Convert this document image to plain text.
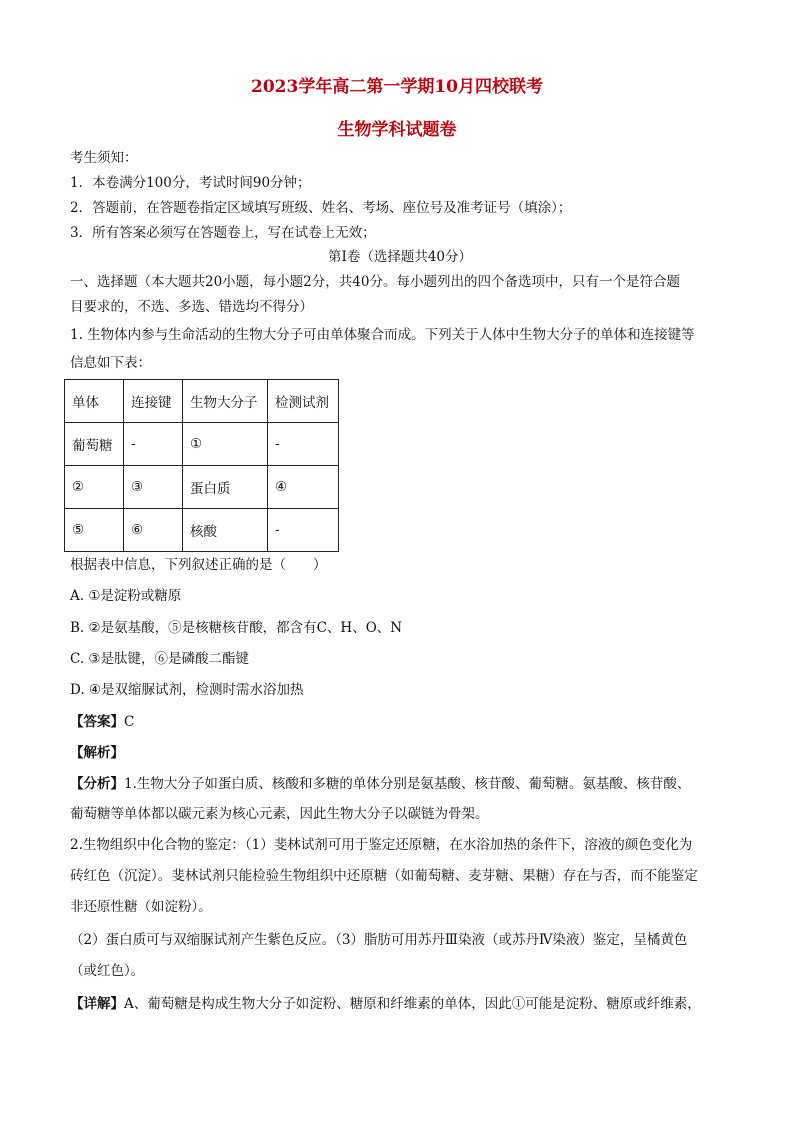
2023学年高二第一学期10月四校联考
生物学科试题卷
考生须知：
1．本卷满分100分，考试时间90分钟；
2．答题前，在答题卷指定区域填写班级、姓名、考场、座位号及准考证号（填涂）；
3．所有答案必须写在答题卷上，写在试卷上无效；
第Ⅰ卷（选择题共40分）
一、选择题（本大题共20小题，每小题2分，共40分。每小题列出的四个备选项中，只有一个是符合题
目要求的，不选、多选、错选均不得分）
1. 生物体内参与生命活动的生物大分子可由单体聚合而成。下列关于人体中生物大分子的单体和连接键等
信息如下表：
单体	连接键	生物大分子	检测试剂
葡萄糖	-	①	-
②	③	蛋白质	④
⑤	⑥	核酸	-
根据表中信息，下列叙述正确的是（　　）
A. ①是淀粉或糖原
B. ②是氨基酸，⑤是核糖核苷酸，都含有C、H、O、N
C. ③是肽键，⑥是磷酸二酯键
D. ④是双缩脲试剂，检测时需水浴加热
【答案】C
【解析】
【分析】1.生物大分子如蛋白质、核酸和多糖的单体分别是氨基酸、核苷酸、葡萄糖。氨基酸、核苷酸、
葡萄糖等单体都以碳元素为核心元素，因此生物大分子以碳链为骨架。
2.生物组织中化合物的鉴定：（1）斐林试剂可用于鉴定还原糖，在水浴加热的条件下，溶液的颜色变化为
砖红色（沉淀）。斐林试剂只能检验生物组织中还原糖（如葡萄糖、麦芽糖、果糖）存在与否，而不能鉴定
非还原性糖（如淀粉）。
（2）蛋白质可与双缩脲试剂产生紫色反应。（3）脂肪可用苏丹Ⅲ染液（或苏丹Ⅳ染液）鉴定，呈橘黄色
（或红色）。
【详解】A、葡萄糖是构成生物大分子如淀粉、糖原和纤维素的单体，因此①可能是淀粉、糖原或纤维素，
